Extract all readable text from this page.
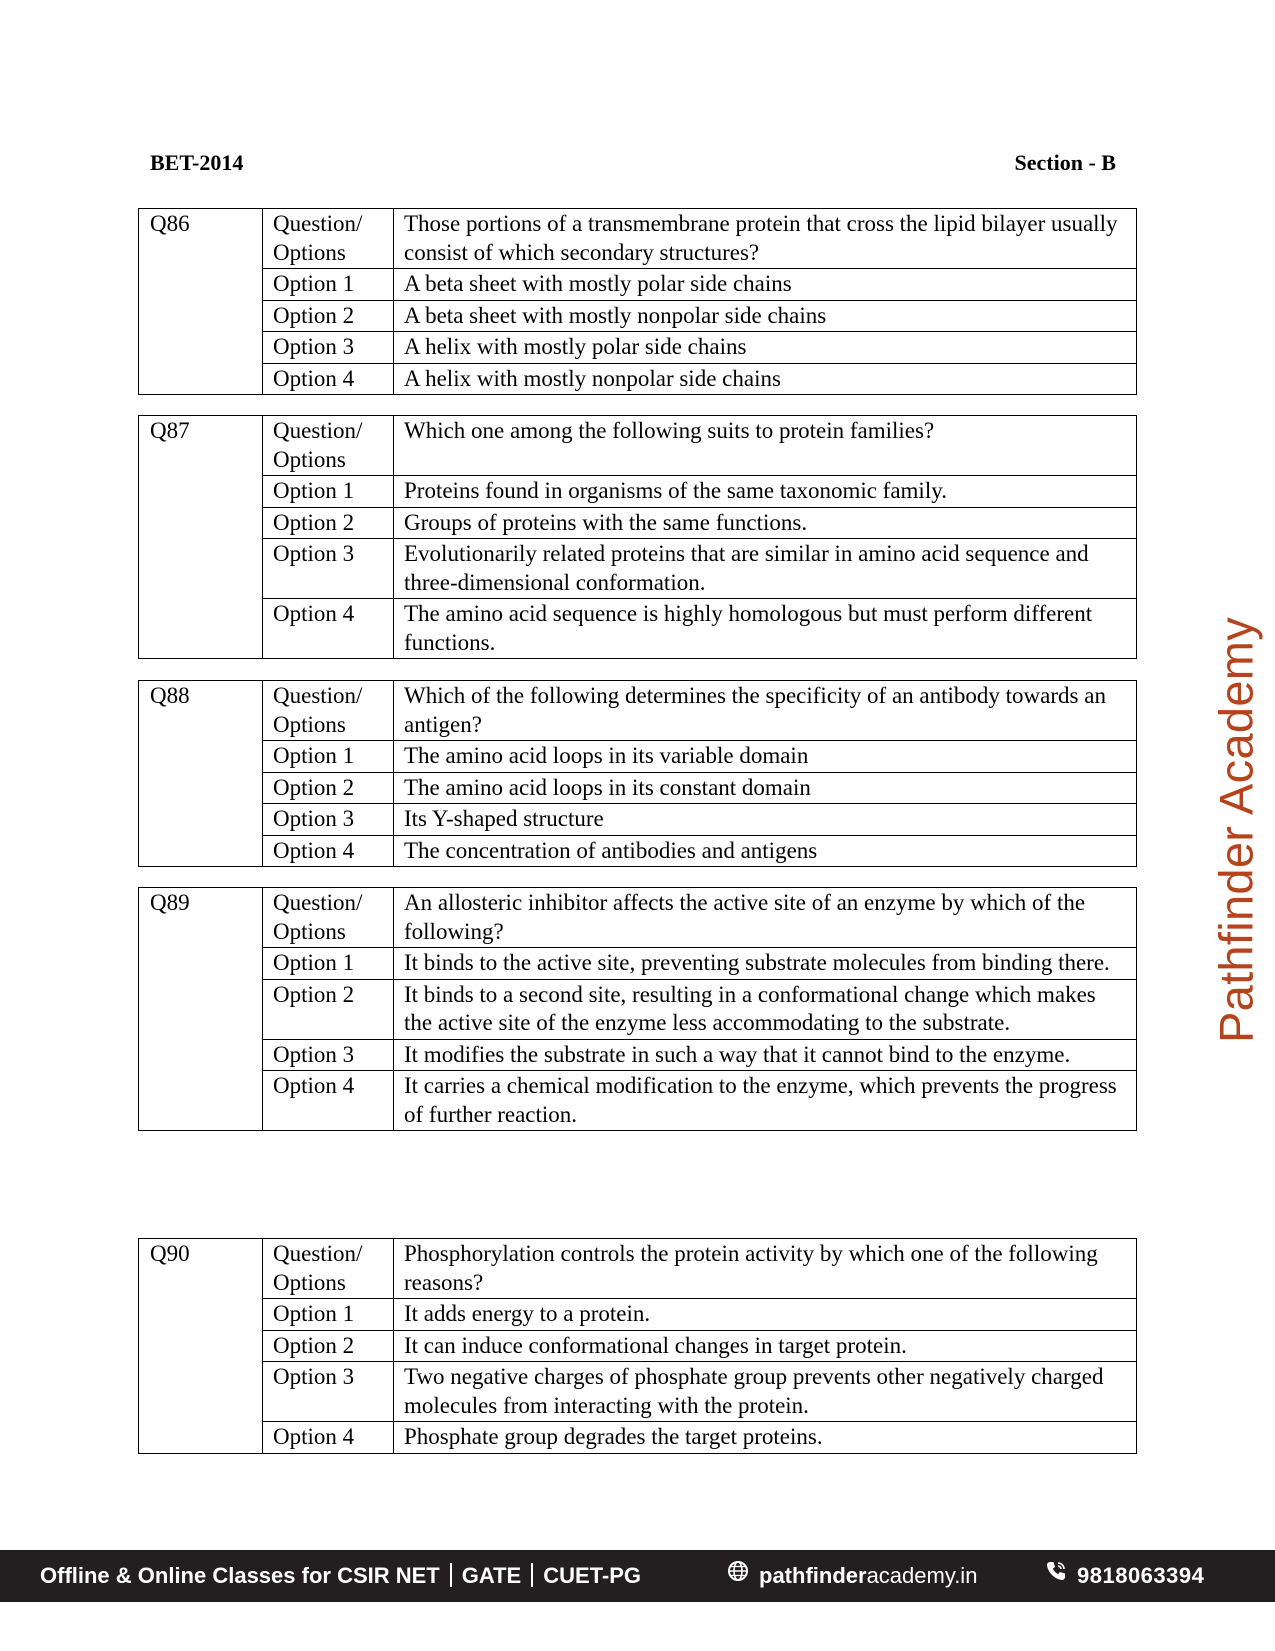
BET-2014	Section - B
Q86	Question/ Options	Those portions of a transmembrane protein that cross the lipid bilayer usually consist of which secondary structures?
	Option 1	A beta sheet with mostly polar side chains
	Option 2	A beta sheet with mostly nonpolar side chains
	Option 3	A helix with mostly polar side chains
	Option 4	A helix with mostly nonpolar side chains
Q87	Question/ Options	Which one among the following suits to protein families?
	Option 1	Proteins found in organisms of the same taxonomic family.
	Option 2	Groups of proteins with the same functions.
	Option 3	Evolutionarily related proteins that are similar in amino acid sequence and three-dimensional conformation.
	Option 4	The amino acid sequence is highly homologous but must perform different functions.
Q88	Question/ Options	Which of the following determines the specificity of an antibody towards an antigen?
	Option 1	The amino acid loops in its variable domain
	Option 2	The amino acid loops in its constant domain
	Option 3	Its Y-shaped structure
	Option 4	The concentration of antibodies and antigens
Q89	Question/ Options	An allosteric inhibitor affects the active site of an enzyme by which of the following?
	Option 1	It binds to the active site, preventing substrate molecules from binding there.
	Option 2	It binds to a second site, resulting in a conformational change which makes the active site of the enzyme less accommodating to the substrate.
	Option 3	It modifies the substrate in such a way that it cannot bind to the enzyme.
	Option 4	It carries a chemical modification to the enzyme, which prevents the progress of further reaction.
Q90	Question/ Options	Phosphorylation controls the protein activity by which one of the following reasons?
	Option 1	It adds energy to a protein.
	Option 2	It can induce conformational changes in target protein.
	Option 3	Two negative charges of phosphate group prevents other negatively charged molecules from interacting with the protein.
	Option 4	Phosphate group degrades the target proteins.
Pathfinder Academy
Offline & Online Classes for CSIR NET GATE CUET-PG	pathfinderacademy.in	9818063394
